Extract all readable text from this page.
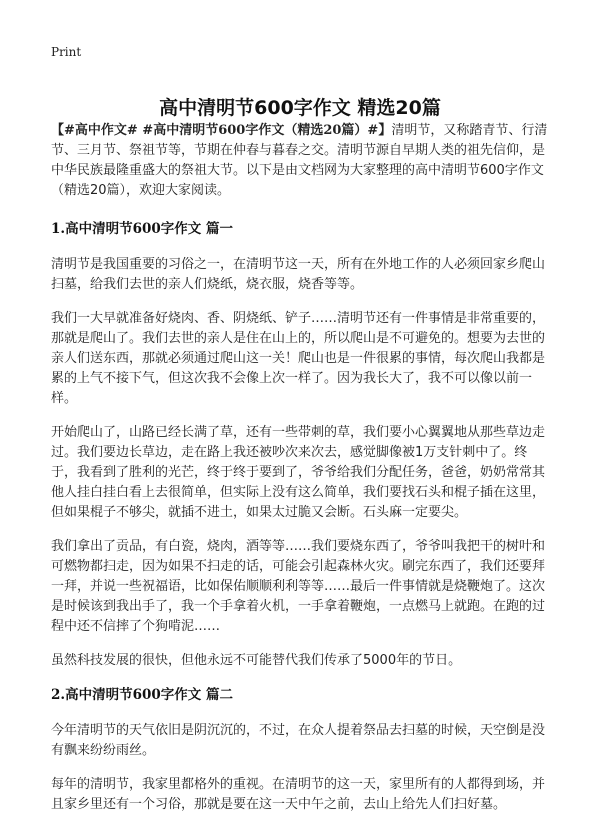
Print
高中清明节600字作文 精选20篇

【#高中作文# #高中清明节600字作文（精选20篇）#】清明节，又称踏青节、行清节、三月节、祭祖节等，节期在仲春与暮春之交。清明节源自早期人类的祖先信仰，是中华民族最隆重盛大的祭祖大节。以下是由文档网为大家整理的高中清明节600字作文（精选20篇），欢迎大家阅读。

1.高中清明节600字作文 篇一

清明节是我国重要的习俗之一，在清明节这一天，所有在外地工作的人必须回家乡爬山扫墓，给我们去世的亲人们烧纸，烧衣服，烧香等等。

我们一大早就准备好烧肉、香、阴烧纸、铲子……清明节还有一件事情是非常重要的，那就是爬山了。我们去世的亲人是住在山上的，所以爬山是不可避免的。想要为去世的亲人们送东西，那就必须通过爬山这一关！爬山也是一件很累的事情，每次爬山我都是累的上气不接下气，但这次我不会像上次一样了。因为我长大了，我不可以像以前一样。

开始爬山了，山路已经长满了草，还有一些带刺的草，我们要小心翼翼地从那些草边走过。我们要边长草边，走在路上我还被吵次来次去，感觉脚像被1万支针刺中了。终于，我看到了胜利的光芒，终于终于要到了，爷爷给我们分配任务，爸爸，奶奶常常其他人挂白挂白看上去很简单，但实际上没有这么简单，我们要找石头和棍子插在这里，但如果棍子不够尖，就插不进土，如果太过脆又会断。石头麻一定要尖。

我们拿出了贡品，有白瓷，烧肉，酒等等……我们要烧东西了，爷爷叫我把干的树叶和可燃物都扫走，因为如果不扫走的话，可能会引起森林火灾。刷完东西了，我们还要拜一拜，并说一些祝福语，比如保佑顺顺利利等等……最后一件事情就是烧鞭炮了。这次是时候该到我出手了，我一个手拿着火机，一手拿着鞭炮，一点燃马上就跑。在跑的过程中还不信摔了个狗啃泥……

虽然科技发展的很快，但他永远不可能替代我们传承了5000年的节日。

2.高中清明节600字作文 篇二

今年清明节的天气依旧是阴沉沉的，不过，在众人提着祭品去扫墓的时候，天空倒是没有飘来纷纷雨丝。

每年的清明节，我家里都格外的重视。在清明节的这一天，家里所有的人都得到场，并且家乡里还有一个习俗，那就是要在这一天中午之前，去山上给先人们扫好墓。
